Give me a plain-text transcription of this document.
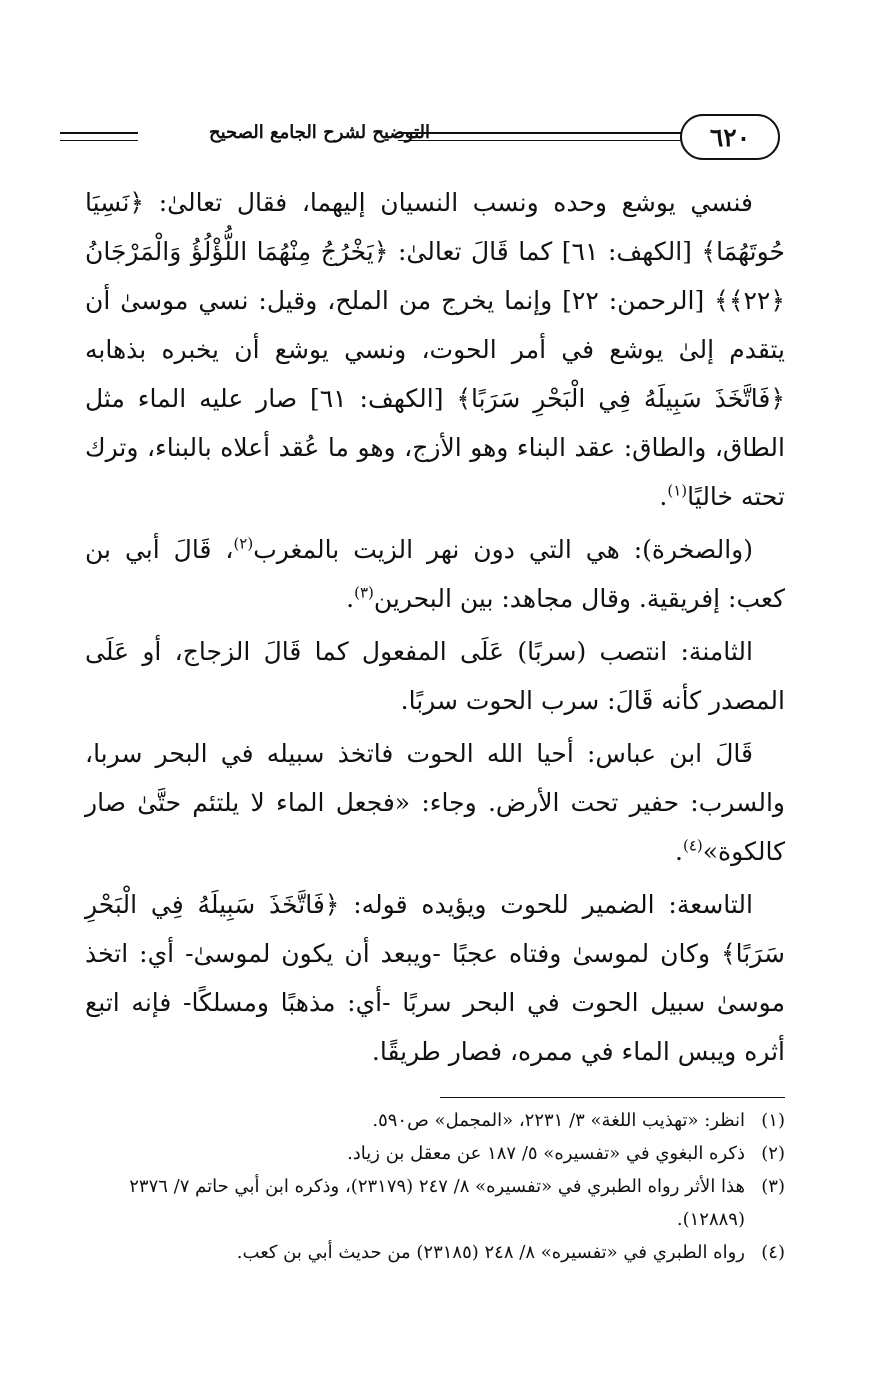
التوضيح لشرح الجامع الصحيح	٦٢٠

فنسي يوشع وحده ونسب النسيان إليهما، فقال تعالىٰ: ﴿نَسِيَا حُوتَهُمَا﴾ [الكهف: ٦١] كما قَالَ تعالىٰ: ﴿يَخْرُجُ مِنْهُمَا اللُّؤْلُؤُ وَالْمَرْجَانُ ﴿٢٢﴾﴾ [الرحمن: ٢٢] وإنما يخرج من الملح، وقيل: نسي موسىٰ أن يتقدم إلىٰ يوشع في أمر الحوت، ونسي يوشع أن يخبره بذهابه ﴿فَاتَّخَذَ سَبِيلَهُ فِي الْبَحْرِ سَرَبًا﴾ [الكهف: ٦١] صار عليه الماء مثل الطاق، والطاق: عقد البناء وهو الأزج، وهو ما عُقد أعلاه بالبناء، وترك تحته خاليًا$^{(١)}$.

(والصخرة): هي التي دون نهر الزيت بالمغرب$^{(٢)}$، قَالَ أبي بن كعب: إفريقية. وقال مجاهد: بين البحرين$^{(٣)}$.

الثامنة: انتصب (سربًا) عَلَى المفعول كما قَالَ الزجاج، أو عَلَى المصدر كأنه قَالَ: سرب الحوت سربًا.

قَالَ ابن عباس: أحيا الله الحوت فاتخذ سبيله في البحر سربا، والسرب: حفير تحت الأرض. وجاء: «فجعل الماء لا يلتئم حتَّىٰ صار كالكوة»$^{(٤)}$.

التاسعة: الضمير للحوت ويؤيده قوله: ﴿فَاتَّخَذَ سَبِيلَهُ فِي الْبَحْرِ سَرَبًا﴾ وكان لموسىٰ وفتاه عجبًا -ويبعد أن يكون لموسىٰ- أي: اتخذ موسىٰ سبيل الحوت في البحر سربًا -أي: مذهبًا ومسلكًا- فإنه اتبع أثره ويبس الماء في ممره، فصار طريقًا.

(١)
انظر: «تهذيب اللغة» ٣/ ٢٢٣١، «المجمل» ص٥٩٠.
(٢)
ذكره البغوي في «تفسيره» ٥/ ١٨٧ عن معقل بن زياد.
(٣)
هذا الأثر رواه الطبري في «تفسيره» ٨/ ٢٤٧ (٢٣١٧٩)، وذكره ابن أبي حاتم ٧/ ٢٣٧٦ (١٢٨٨٩).
(٤)
رواه الطبري في «تفسيره» ٨/ ٢٤٨ (٢٣١٨٥) من حديث أبي بن كعب.
